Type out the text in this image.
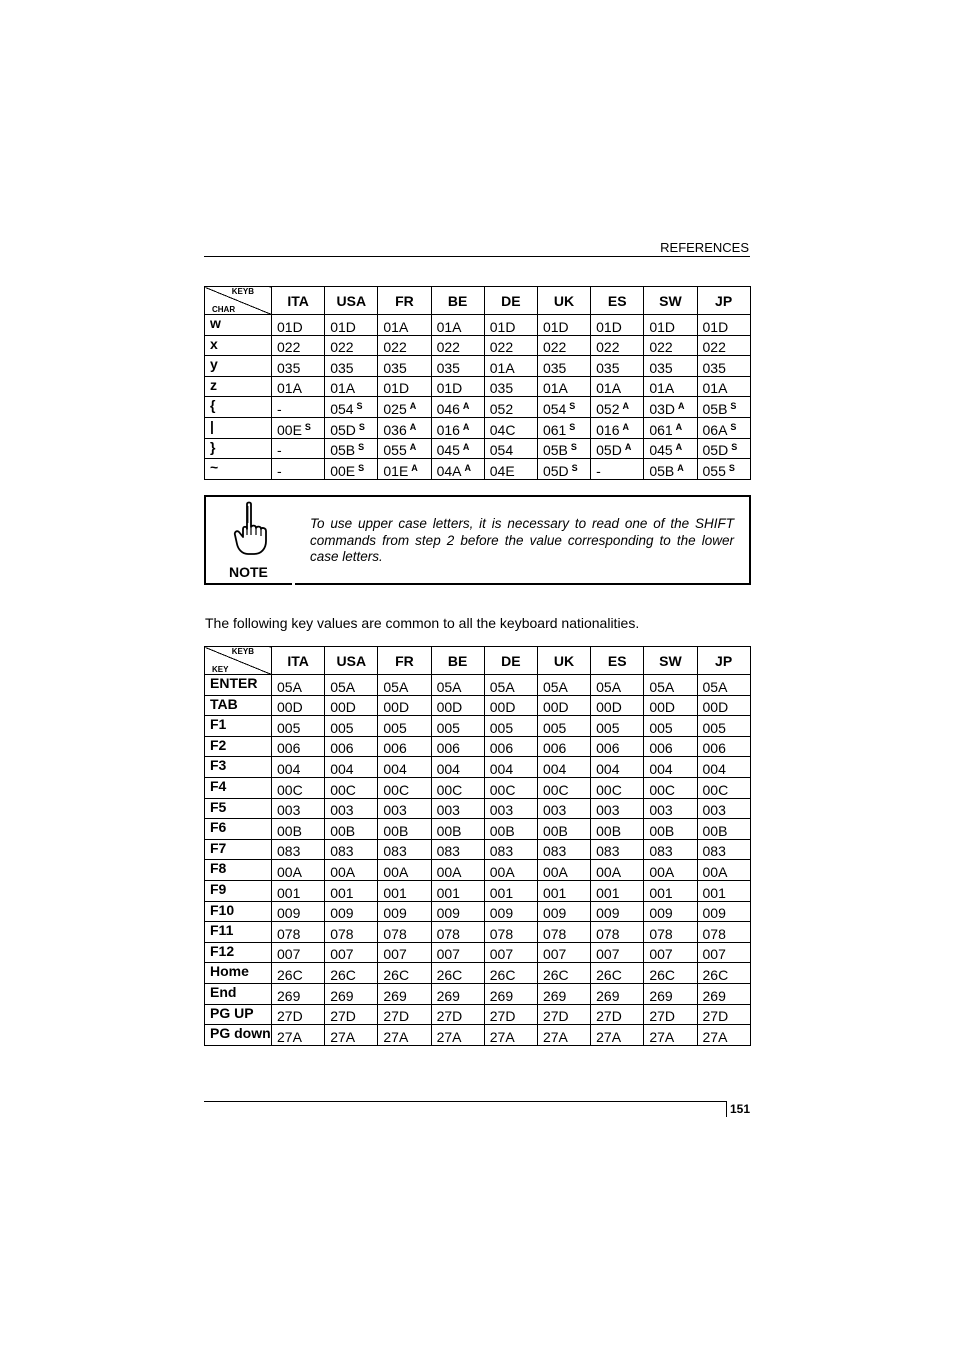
REFERENCES
KEYB
CHAR	ITA	USA	FR	BE	DE	UK	ES	SW	JP
w	01D	01D	01A	01A	01D	01D	01D	01D	01D
x	022	022	022	022	022	022	022	022	022
y	035	035	035	035	01A	035	035	035	035
z	01A	01A	01D	01D	035	01A	01A	01A	01A
{	-	054 $^S$	025 $^A$	046 $^A$	052	054 $^S$	052 $^A$	03D $^A$	05B $^S$
|	00E $^S$	05D $^S$	036 $^A$	016 $^A$	04C	061 $^S$	016 $^A$	061 $^A$	06A $^S$
}	-	05B $^S$	055 $^A$	045 $^A$	054	05B $^S$	05D $^A$	045 $^A$	05D $^S$
~	-	00E $^S$	01E $^A$	04A $^A$	04E	05D $^S$	-	05B $^A$	055 $^S$
NOTE
To use upper case letters, it is necessary to read one of the SHIFT commands from step 2 before the value corresponding to the lower case letters.
The following key values are common to all the keyboard nationalities.
KEYB
KEY	ITA	USA	FR	BE	DE	UK	ES	SW	JP
ENTER	05A	05A	05A	05A	05A	05A	05A	05A	05A
TAB	00D	00D	00D	00D	00D	00D	00D	00D	00D
F1	005	005	005	005	005	005	005	005	005
F2	006	006	006	006	006	006	006	006	006
F3	004	004	004	004	004	004	004	004	004
F4	00C	00C	00C	00C	00C	00C	00C	00C	00C
F5	003	003	003	003	003	003	003	003	003
F6	00B	00B	00B	00B	00B	00B	00B	00B	00B
F7	083	083	083	083	083	083	083	083	083
F8	00A	00A	00A	00A	00A	00A	00A	00A	00A
F9	001	001	001	001	001	001	001	001	001
F10	009	009	009	009	009	009	009	009	009
F11	078	078	078	078	078	078	078	078	078
F12	007	007	007	007	007	007	007	007	007
Home	26C	26C	26C	26C	26C	26C	26C	26C	26C
End	269	269	269	269	269	269	269	269	269
PG UP	27D	27D	27D	27D	27D	27D	27D	27D	27D
PG down	27A	27A	27A	27A	27A	27A	27A	27A	27A
151
